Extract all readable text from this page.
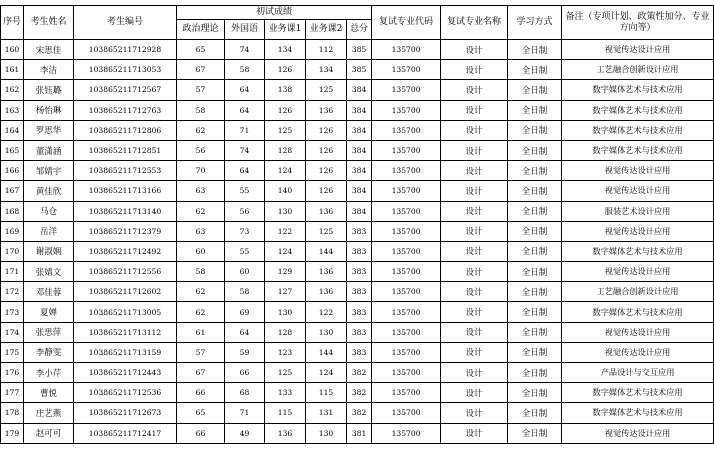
序号	考生姓名	考生编号	初试成绩					复试专业代码	复试专业名称	学习方式	备注（专项计划、政策性加分、专业方向等）
			政治理论	外国语	业务课1	业务课2	总分				
160	宋思佳	103865211712928	65	74	134	112	385	135700	设计	全日制	视觉传达设计应用
161	李洁	103865211713053	67	58	126	134	385	135700	设计	全日制	工艺融合创新设计应用
162	张钰璐	103865211712567	57	64	138	125	384	135700	设计	全日制	数字媒体艺术与技术应用
163	杨怡琳	103865211712763	58	64	126	136	384	135700	设计	全日制	数字媒体艺术与技术应用
164	罗思华	103865211712806	62	71	125	126	384	135700	设计	全日制	数字媒体艺术与技术应用
165	董潇涵	103865211712851	56	74	128	126	384	135700	设计	全日制	数字媒体艺术与技术应用
166	邹婧宇	103865211712553	70	64	124	126	384	135700	设计	全日制	视觉传达设计应用
167	黄佳欣	103865211713166	63	55	140	126	384	135700	设计	全日制	视觉传达设计应用
168	马仓	103865211713140	62	56	130	136	384	135700	设计	全日制	服装艺术设计应用
169	岳洋	103865211712379	63	73	122	125	383	135700	设计	全日制	视觉传达设计应用
170	谢淑娴	103865211712492	60	55	124	144	383	135700	设计	全日制	数字媒体艺术与技术应用
171	张婧文	103865211712556	58	60	129	136	383	135700	设计	全日制	视觉传达设计应用
172	邓佳蓉	103865211712602	62	58	127	136	383	135700	设计	全日制	工艺融合创新设计应用
173	夏婵	103865211713005	62	69	130	122	383	135700	设计	全日制	数字媒体艺术与技术应用
174	张思萍	103865211713112	61	64	128	130	383	135700	设计	全日制	视觉传达设计应用
175	李静雯	103865211713159	57	59	123	144	383	135700	设计	全日制	视觉传达设计应用
176	李小芹	103865211712443	67	66	125	124	382	135700	设计	全日制	产品设计与交互应用
177	曹悦	103865211712536	66	68	133	115	382	135700	设计	全日制	数字媒体艺术与技术应用
178	庄艺燕	103865211712673	65	71	115	131	382	135700	设计	全日制	数字媒体艺术与技术应用
179	赵可可	103865211712417	66	49	136	130	381	135700	设计	全日制	视觉传达设计应用
